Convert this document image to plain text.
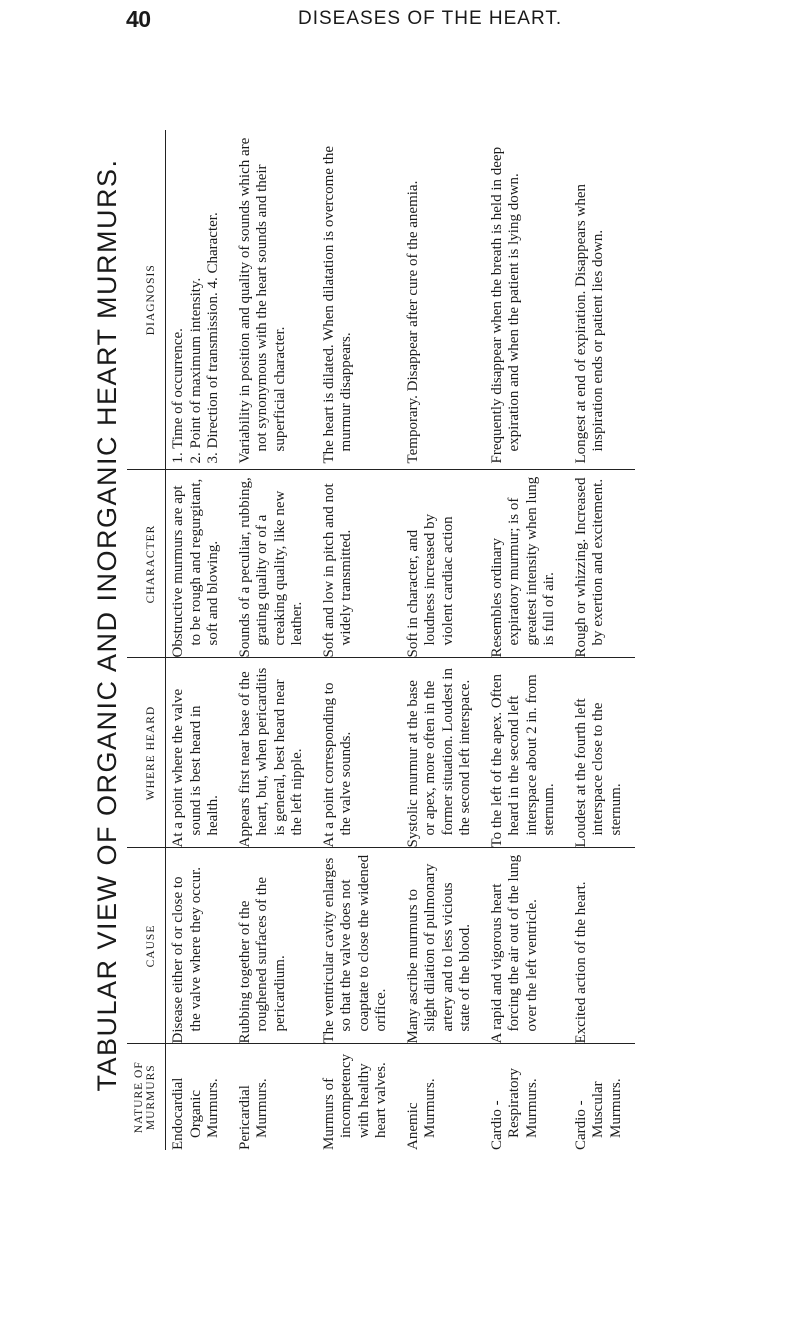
40	DISEASES OF THE HEART.
TABULAR VIEW OF ORGANIC AND INORGANIC HEART MURMURS.
NATURE OF MURMURS	CAUSE	WHERE HEARD	CHARACTER	DIAGNOSIS
Endocardial Organic Murmurs.	Disease either of or close to the valve where they occur.	At a point where the valve sound is best heard in health.	Obstructive murmurs are apt to be rough and regurgitant, soft and blowing.	1. Time of occurrence. 2. Point of maximum intensity. 3. Direction of transmission. 4. Character.

Pericardial Murmurs.	Rubbing together of the roughened surfaces of the pericardium.	Appears first near base of the heart, but, when pericarditis is general, best heard near the left nipple.	Sounds of a peculiar, rubbing, grating quality or of a creaking quality, like new leather.	Variability in position and quality of sounds which are not synonymous with the heart sounds and their superficial character.

Murmurs of incompetency with healthy heart valves.	The ventricular cavity enlarges so that the valve does not coaptate to close the widened orifice.	At a point corresponding to the valve sounds.	Soft and low in pitch and not widely transmitted.	The heart is dilated. When dilatation is overcome the murmur disappears.

Anemic Murmurs.	Many ascribe murmurs to slight dilation of pulmonary artery and to less vicious state of the blood.	Systolic murmur at the base or apex, more often in the former situation. Loudest in the second left interspace.	Soft in character, and loudness increased by violent cardiac action	Temporary. Disappear after cure of the anemia.

Cardio - Respiratory Murmurs.	A rapid and vigorous heart forcing the air out of the lung over the left ventricle.	To the left of the apex. Often heard in the second left interspace about 2 in. from sternum.	Resembles ordinary expiratory murmur; is of greatest intensity when lung is full of air.	Frequently disappear when the breath is held in deep expiration and when the patient is lying down.

Cardio - Muscular Murmurs.	Excited action of the heart.	Loudest at the fourth left interspace close to the sternum.	Rough or whizzing. Increased by exertion and excitement.	Longest at end of expiration. Disappears when inspiration ends or patient lies down.
